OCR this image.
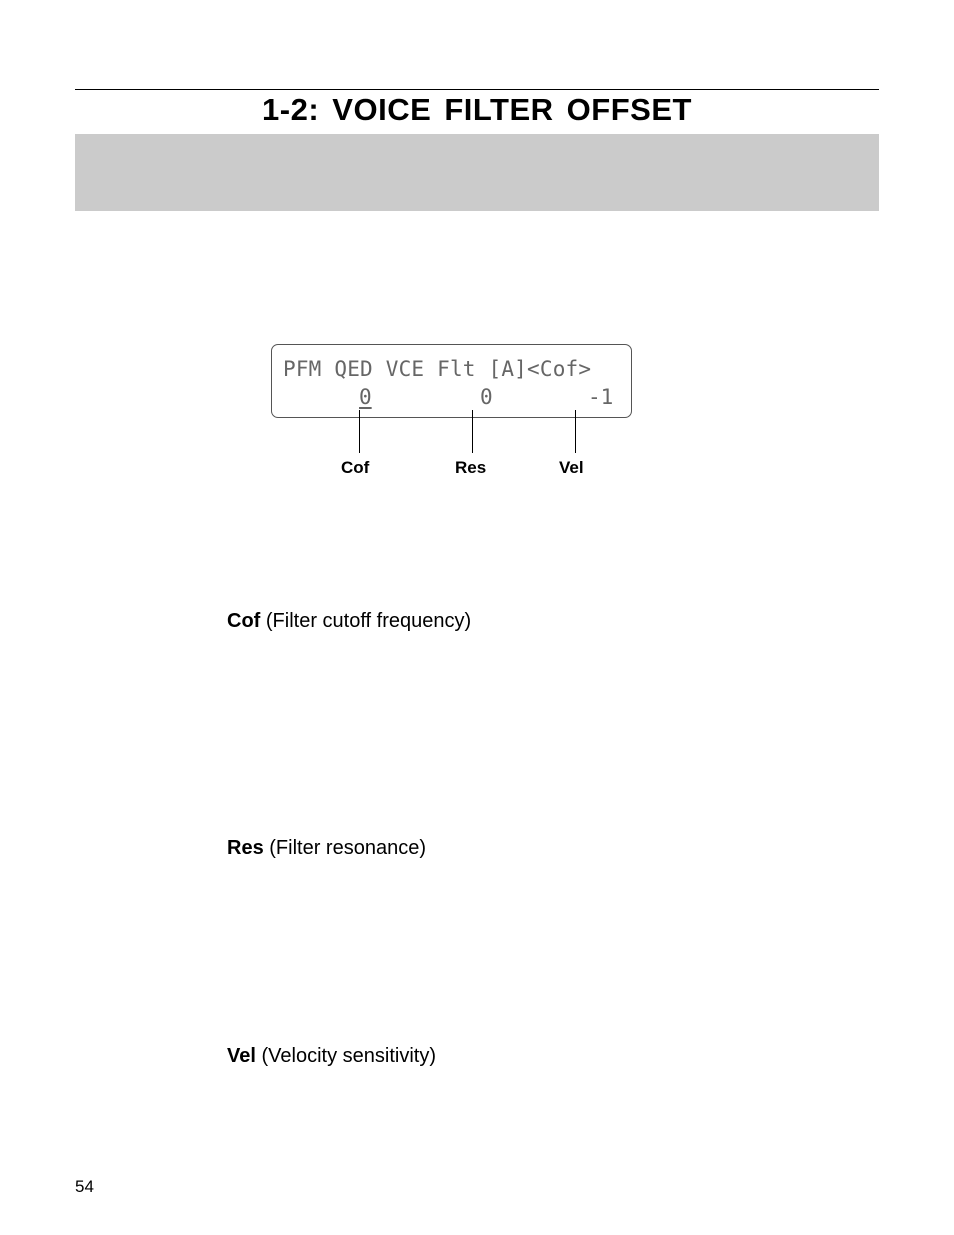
1-2: VOICE FILTER OFFSET
PFM QED VCE Flt [A]<Cof>
0	0	-1
Cof	Res	Vel
Cof (Filter cutoff frequency)
Res (Filter resonance)
Vel (Velocity sensitivity)
54
